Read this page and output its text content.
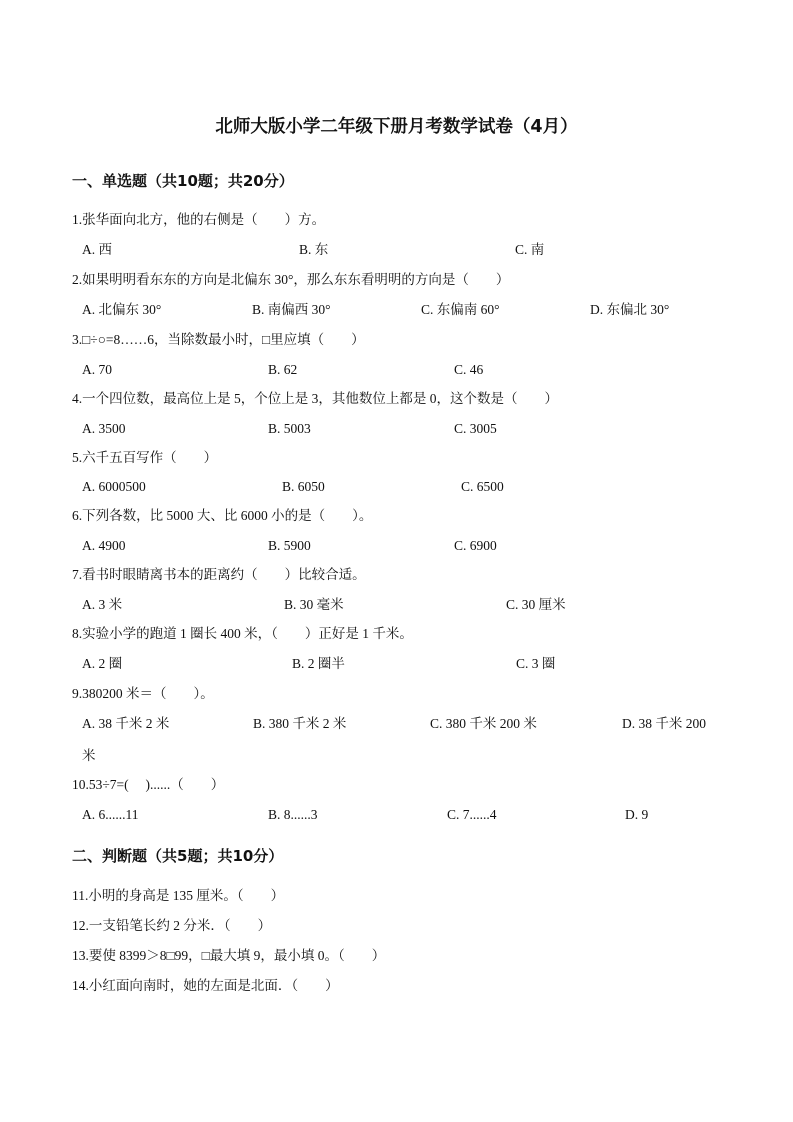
北师大版小学二年级下册月考数学试卷（4月）
一、单选题（共10题；共20分）
1.张华面向北方，他的右侧是（　　）方。
A. 西	B. 东	C. 南
2.如果明明看东东的方向是北偏东 30°，那么东东看明明的方向是（　　）
A. 北偏东 30°	B. 南偏西 30°	C. 东偏南 60°	D. 东偏北 30°
3.□÷○=8……6，当除数最小时，□里应填（　　）
A. 70	B. 62	C. 46
4.一个四位数，最高位上是 5，个位上是 3，其他数位上都是 0，这个数是（　　）
A. 3500	B. 5003	C. 3005
5.六千五百写作（　　）
A. 6000500	B. 6050	C. 6500
6.下列各数，比 5000 大、比 6000 小的是（　　）。
A. 4900	B. 5900	C. 6900
7.看书时眼睛离书本的距离约（　　）比较合适。
A. 3 米	B. 30 毫米	C. 30 厘米
8.实验小学的跑道 1 圈长 400 米，（　　）正好是 1 千米。
A. 2 圈	B. 2 圈半	C. 3 圈
9.380200 米＝（　　）。
A. 38 千米 2 米	B. 380 千米 2 米	C. 380 千米 200 米	D. 38 千米 200
米
10.53÷7=(　 )......（　　）
A. 6......11	B. 8......3	C. 7......4	D. 9
二、判断题（共5题；共10分）
11.小明的身高是 135 厘米。（　　）
12.一支铅笔长约 2 分米．（　　）
13.要使 8399＞8□99，□最大填 9，最小填 0。（　　）
14.小红面向南时，她的左面是北面．（　　）
